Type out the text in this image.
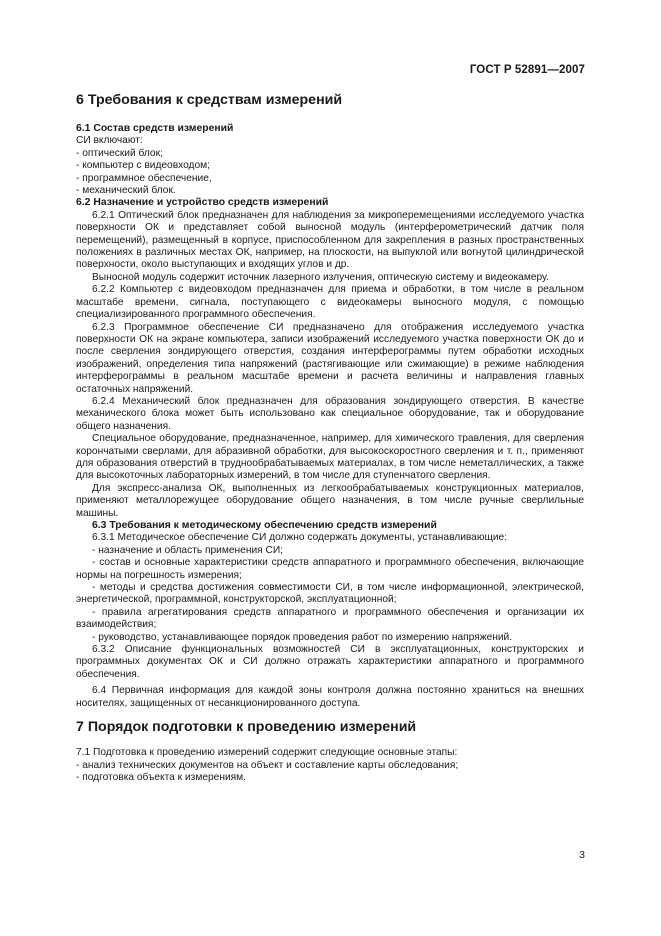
ГОСТ Р 52891—2007
6 Требования к средствам измерений
6.1 Состав средств измерений

СИ включают:

- оптический блок;
- компьютер с видеовходом;
- программное обеспечение,
- механический блок.
6.2 Назначение и устройство средств измерений

6.2.1 Оптический блок предназначен для наблюдения за микроперемещениями исследуемого участка поверхности ОК и представляет собой выносной модуль (интерферометрический датчик поля перемещений), размещенный в корпусе, приспособленном для закрепления в разных пространственных положениях в различных местах ОК, например, на плоскости, на выпуклой или вогнутой цилиндрической поверхности, около выступающих и входящих углов и др.

Выносной модуль содержит источник лазерного излучения, оптическую систему и видеокамеру.

6.2.2 Компьютер с видеовходом предназначен для приема и обработки, в том числе в реальном масштабе времени, сигнала, поступающего с видеокамеры выносного модуля, с помощью специализированного программного обеспечения.

6.2.3 Программное обеспечение СИ предназначено для отображения исследуемого участка поверхности ОК на экране компьютера, записи изображений исследуемого участка поверхности ОК до и после сверления зондирующего отверстия, создания интерферограммы путем обработки исходных изображений, определения типа напряжений (растягивающие или сжимающие) в режиме наблюдения интерферограммы в реальном масштабе времени и расчета величины и направления главных остаточных напряжений.

6.2.4 Механический блок предназначен для образования зондирующего отверстия. В качестве механического блока может быть использовано как специальное оборудование, так и оборудование общего назначения.

Специальное оборудование, предназначенное, например, для химического травления, для сверления корончатыми сверлами, для абразивной обработки, для высокоскоростного сверления и т. п., применяют для образования отверстий в труднообрабатываемых материалах, в том числе неметаллических, а также для высокоточных лабораторных измерений, в том числе для ступенчатого сверления.

Для экспресс-анализа ОК, выполненных из легкообрабатываемых конструкционных материалов, применяют металлорежущее оборудование общего назначения, в том числе ручные сверлильные машины.

6.3 Требования к методическому обеспечению средств измерений

6.3.1 Методическое обеспечение СИ должно содержать документы, устанавливающие:

- назначение и область применения СИ;
- состав и основные характеристики средств аппаратного и программного обеспечения, включающие нормы на погрешность измерения;
- методы и средства достижения совместимости СИ, в том числе информационной, электрической, энергетической, программной, конструкторской, эксплуатационной;
- правила агрегатирования средств аппаратного и программного обеспечения и организации их взаимодействия;
- руководство, устанавливающее порядок проведения работ по измерению напряжений.

6.3.2 Описание функциональных возможностей СИ в эксплуатационных, конструкторских и программных документах ОК и СИ должно отражать характеристики аппаратного и программного обеспечения.

6.4 Первичная информация для каждой зоны контроля должна постоянно храниться на внешних носителях, защищенных от несанкционированного доступа.

7 Порядок подготовки к проведению измерений

7.1 Подготовка к проведению измерений содержит следующие основные этапы:

- анализ технических документов на объект и составление карты обследования;
- подготовка объекта к измерениям.
3
